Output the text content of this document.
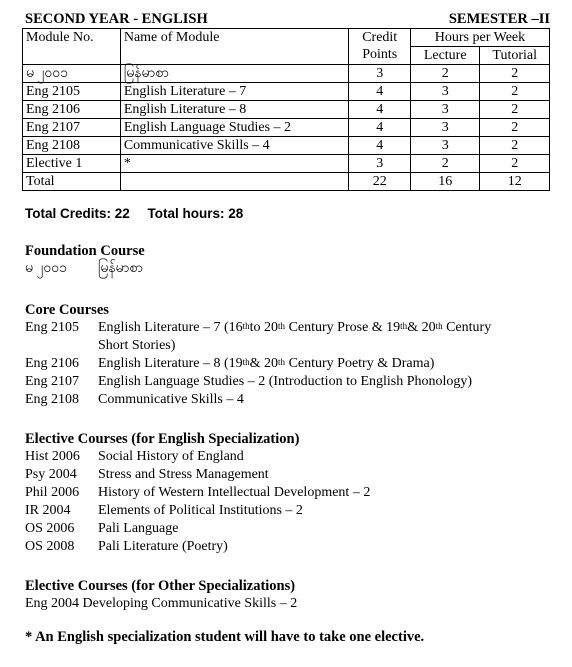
SECOND YEAR - ENGLISH	SEMESTER –II
Module No.	Name of Module	Credit Points	Hours per Week	
			Lecture	Tutorial
မ ၂၀၀၁	မြန်မာစာ	3	2	2
Eng 2105	English Literature – 7	4	3	2
Eng 2106	English Literature – 8	4	3	2
Eng 2107	English Language Studies – 2	4	3	2
Eng 2108	Communicative Skills – 4	4	3	2
Elective 1	*	3	2	2
Total		22	16	12
Total Credits: 22 Total hours: 28
Foundation Course
မ ၂၀၀၁ မြန်မာစာ
Core Courses
Eng 2105 English Literature – 7 (16thto 20th Century Prose & 19th& 20th Century
Short Stories)
Eng 2106 English Literature – 8 (19th& 20th Century Poetry & Drama)
Eng 2107 English Language Studies – 2 (Introduction to English Phonology)
Eng 2108 Communicative Skills – 4
Elective Courses (for English Specialization)
Hist 2006 Social History of England
Psy 2004 Stress and Stress Management
Phil 2006 History of Western Intellectual Development – 2
IR 2004 Elements of Political Institutions – 2
OS 2006 Pali Language
OS 2008 Pali Literature (Poetry)
Elective Courses (for Other Specializations)
Eng 2004 Developing Communicative Skills – 2
* An English specialization student will have to take one elective.
